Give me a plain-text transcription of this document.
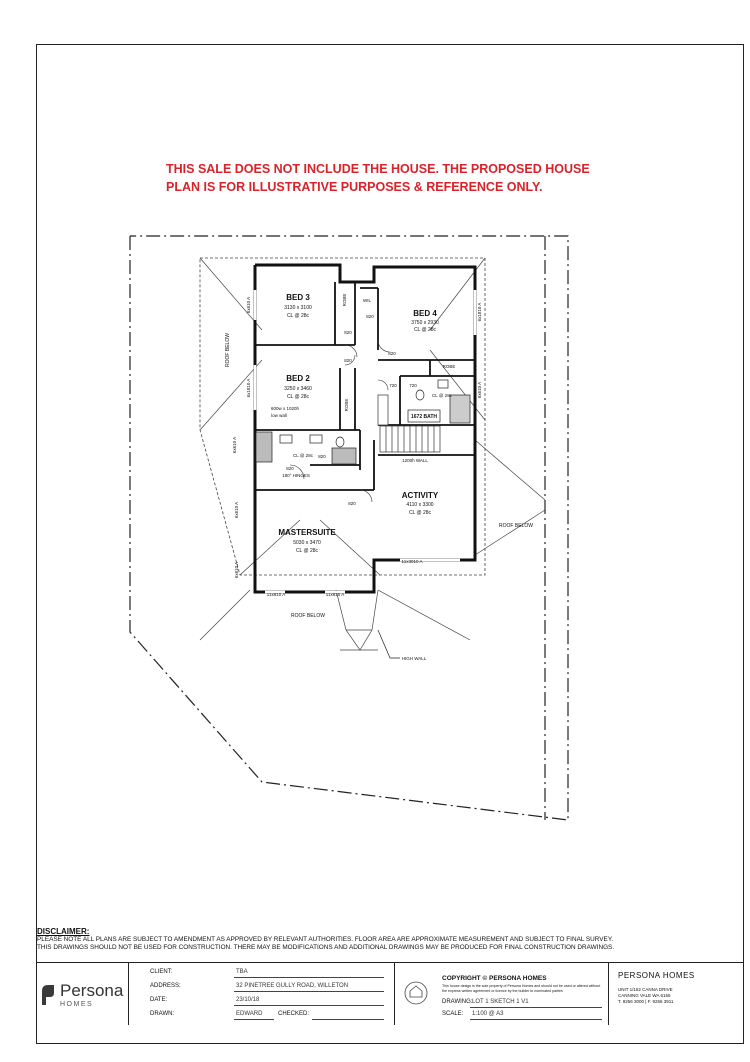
THIS SALE DOES NOT INCLUDE THE HOUSE. THE PROPOSED HOUSE
PLAN IS FOR ILLUSTRATIVE PURPOSES & REFERENCE ONLY.
BED 3
3130 x 3100
CL @ 28c	BED 4
3750 x 2930
CL @ 28c
BED 2
3250 x 3460
CL @ 28c
ACTIVITY
4110 x 3300
CL @ 28c
MASTERSUITE
5030 x 3470
CL @ 28c
1672 BATH
CL @ 28c
CL @ 28c
ROBE
ROBE
ROBE
WIL
820
820
820
820
820
820
820
720	720
600w x 1020h
low wall
180° HINGES
1200h WALL
ROOF BELOW
ROOF BELOW
ROOF BELOW
HIGH WALL
6x610 A	6x1810 A
6x1810 A
6x610 A
6x610 A
6x610 A
6x610 A
11x3010 A
11x810 A	11x810 A
DISCLAIMER:
PLEASE NOTE ALL PLANS ARE SUBJECT TO AMENDMENT AS APPROVED BY RELEVANT AUTHORITIES. FLOOR AREA ARE APPROXIMATE MEASUREMENT AND SUBJECT TO FINAL SURVEY.
THIS DRAWINGS SHOULD NOT BE USED FOR CONSTRUCTION. THERE MAY BE MODIFICATIONS AND ADDITIONAL DRAWINGS MAY BE PRODUCED FOR FINAL CONSTRUCTION DRAWINGS.
Persona
HOMES
CLIENT:	TBA
ADDRESS:	32 PINETREE GULLY ROAD, WILLETON
DATE:	23/10/18
DRAWN:	EDWARD	CHECKED:
COPYRIGHT © PERSONA HOMES
This house design is the sole property of Persona Homes and should not be used or altered without the express written agreement or licence by the builder to nominated parties
DRAWING: LOT 1 SKETCH 1 V1
SCALE: 1:100 @ A3
PERSONA HOMES
UNIT 1/152 CANNA DRIVE
CANNING VALE WA 6155
T. 9256 3000 | F. 9256 3911
